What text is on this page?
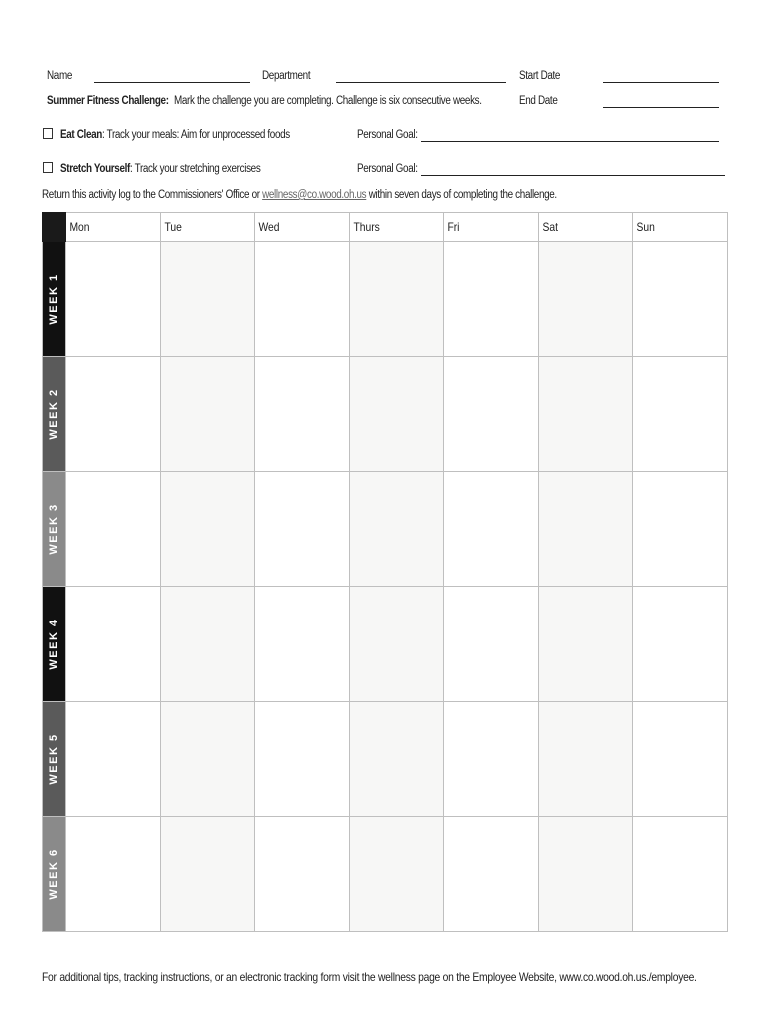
Name	Department	Start Date
Summer Fitness Challenge: Mark the challenge you are completing. Challenge is six consecutive weeks.	End Date
Eat Clean: Track your meals: Aim for unprocessed foods	Personal Goal:
Stretch Yourself: Track your stretching exercises	Personal Goal:
Return this activity log to the Commissioners' Office or wellness@co.wood.oh.us within seven days of completing the challenge.
	Mon	Tue	Wed	Thurs	Fri	Sat	Sun

WEEK 1							

WEEK 2							

WEEK 3							

WEEK 4							

WEEK 5							

WEEK 6							

For additional tips, tracking instructions, or an electronic tracking form visit the wellness page on the Employee Website, www.co.wood.oh.us./employee.
